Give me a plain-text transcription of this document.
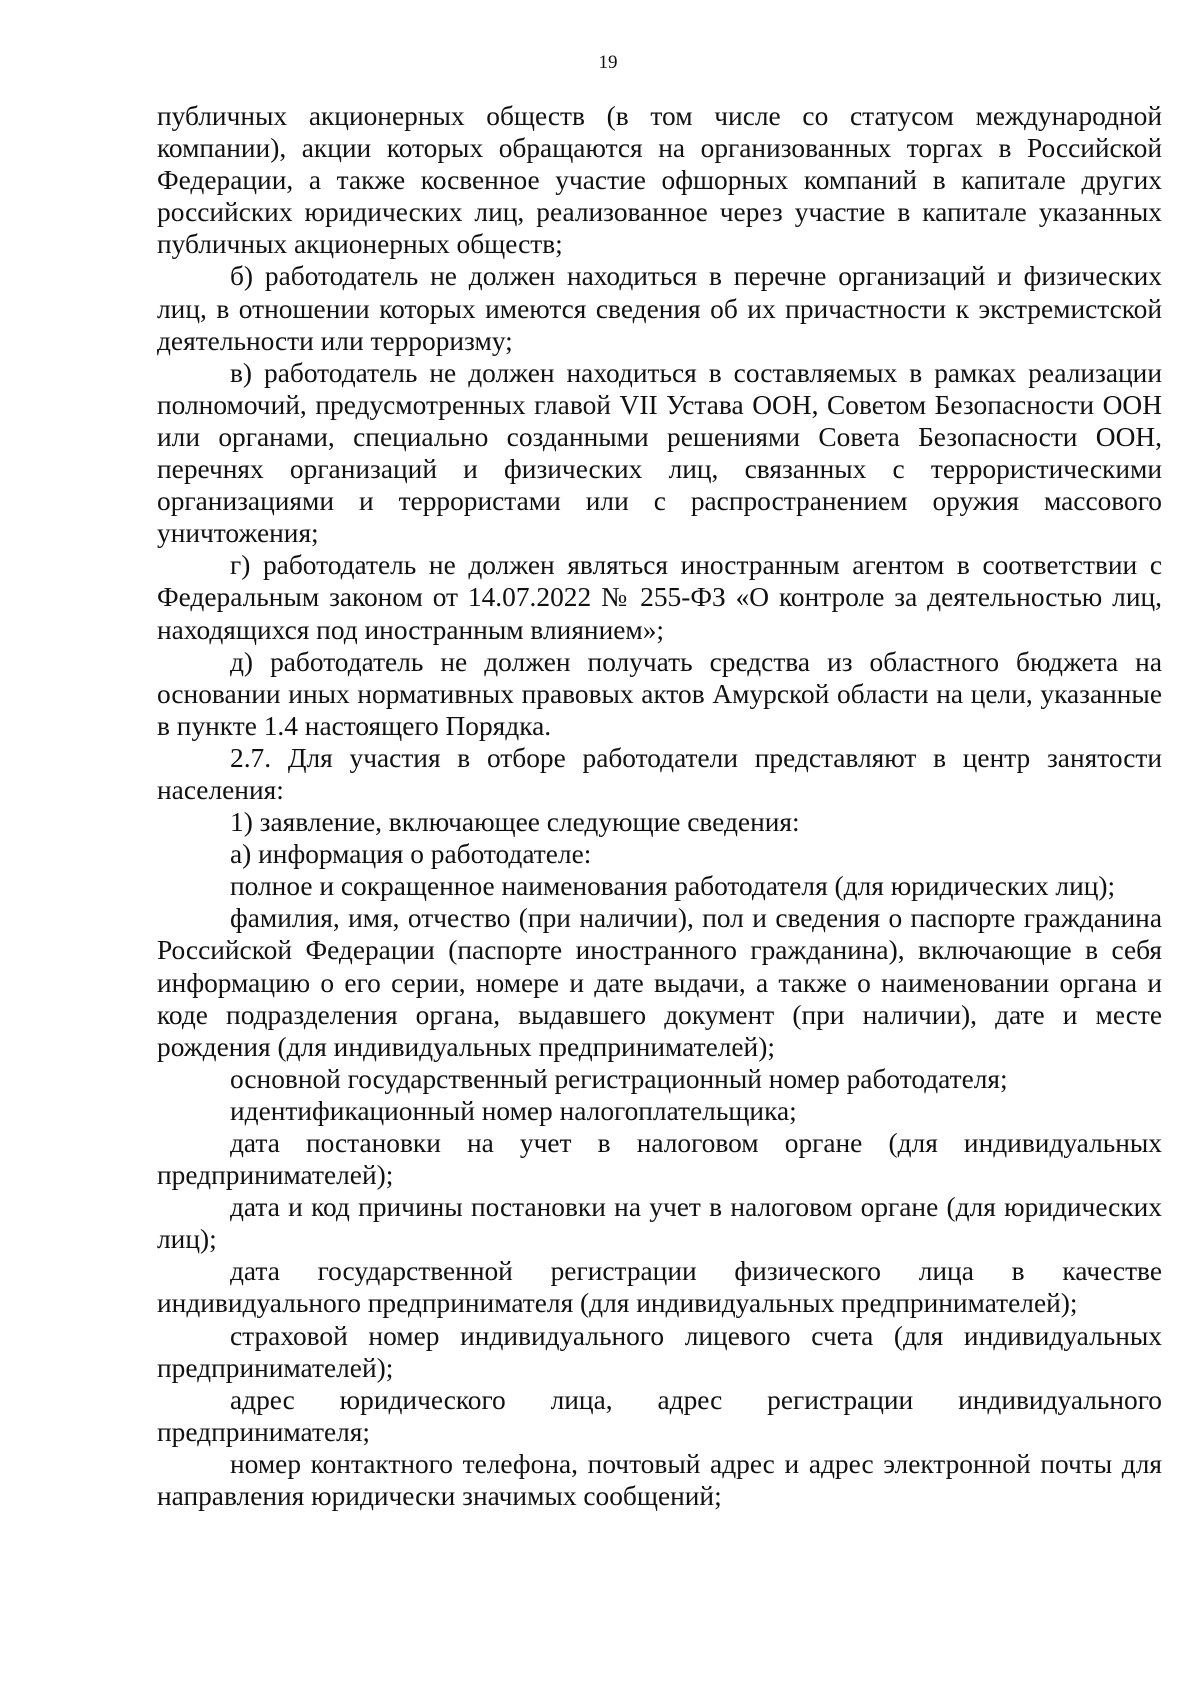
19

публичных акционерных обществ (в том числе со статусом международной компании), акции которых обращаются на организованных торгах в Российской Федерации, а также косвенное участие офшорных компаний в капитале других российских юридических лиц, реализованное через участие в капитале указанных публичных акционерных обществ;

б) работодатель не должен находиться в перечне организаций и физических лиц, в отношении которых имеются сведения об их причастности к экстремистской деятельности или терроризму;

в) работодатель не должен находиться в составляемых в рамках реализации полномочий, предусмотренных главой VII Устава ООН, Советом Безопасности ООН или органами, специально созданными решениями Совета Безопасности ООН, перечнях организаций и физических лиц, связанных с террористическими организациями и террористами или с распространением оружия массового уничтожения;

г) работодатель не должен являться иностранным агентом в соответствии с Федеральным законом от 14.07.2022 № 255-ФЗ «О контроле за деятельностью лиц, находящихся под иностранным влиянием»;

д) работодатель не должен получать средства из областного бюджета на основании иных нормативных правовых актов Амурской области на цели, указанные в пункте 1.4 настоящего Порядка.

2.7. Для участия в отборе работодатели представляют в центр занятости населения:

1) заявление, включающее следующие сведения:

а) информация о работодателе:

полное и сокращенное наименования работодателя (для юридических лиц);

фамилия, имя, отчество (при наличии), пол и сведения о паспорте гражданина Российской Федерации (паспорте иностранного гражданина), включающие в себя информацию о его серии, номере и дате выдачи, а также о наименовании органа и коде подразделения органа, выдавшего документ (при наличии), дате и месте рождения (для индивидуальных предпринимателей);

основной государственный регистрационный номер работодателя;

идентификационный номер налогоплательщика;

дата постановки на учет в налоговом органе (для индивидуальных предпринимателей);

дата и код причины постановки на учет в налоговом органе (для юридических лиц);

дата государственной регистрации физического лица в качестве индивидуального предпринимателя (для индивидуальных предпринимателей);

страховой номер индивидуального лицевого счета (для индивидуальных предпринимателей);

адрес юридического лица, адрес регистрации индивидуального предпринимателя;

номер контактного телефона, почтовый адрес и адрес электронной почты для направления юридически значимых сообщений;
